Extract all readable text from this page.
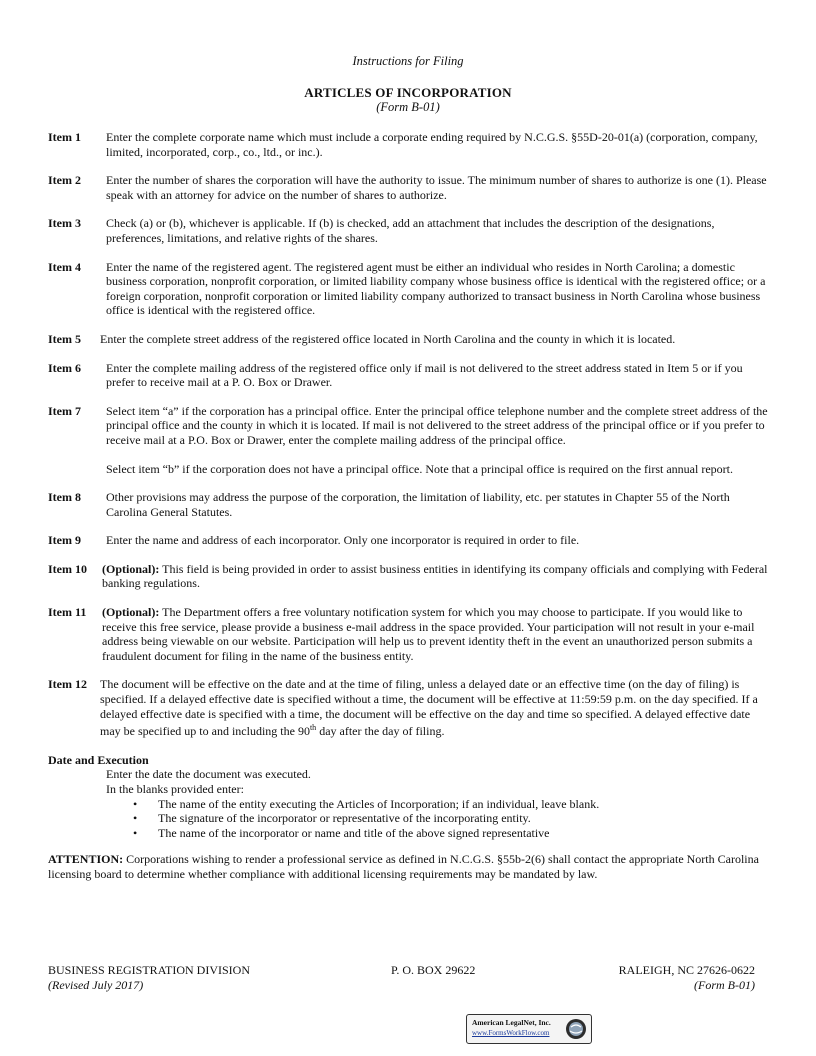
Instructions for Filing
ARTICLES OF INCORPORATION
(Form B-01)
Item 1	Enter the complete corporate name which must include a corporate ending required by N.C.G.S. §55D-20-01(a) (corporation, company, limited, incorporated, corp., co., ltd., or inc.).

Item 2	Enter the number of shares the corporation will have the authority to issue. The minimum number of shares to authorize is one (1). Please speak with an attorney for advice on the number of shares to authorize.

Item 3	Check (a) or (b), whichever is applicable. If (b) is checked, add an attachment that includes the description of the designations, preferences, limitations, and relative rights of the shares.

Item 4	Enter the name of the registered agent. The registered agent must be either an individual who resides in North Carolina; a domestic business corporation, nonprofit corporation, or limited liability company whose business office is identical with the registered office; or a foreign corporation, nonprofit corporation or limited liability company authorized to transact business in North Carolina whose business office is identical with the registered office.

Item 5	Enter the complete street address of the registered office located in North Carolina and the county in which it is located.

Item 6	Enter the complete mailing address of the registered office only if mail is not delivered to the street address stated in Item 5 or if you prefer to receive mail at a P. O. Box or Drawer.

Item 7	Select item “a” if the corporation has a principal office. Enter the principal office telephone number and the complete street address of the principal office and the county in which it is located. If mail is not delivered to the street address of the principal office or if you prefer to receive mail at a P.O. Box or Drawer, enter the complete mailing address of the principal office.

Select item “b” if the corporation does not have a principal office. Note that a principal office is required on the first annual report.

Item 8	Other provisions may address the purpose of the corporation, the limitation of liability, etc. per statutes in Chapter 55 of the North Carolina General Statutes.

Item 9	Enter the name and address of each incorporator. Only one incorporator is required in order to file.

Item 10	(Optional): This field is being provided in order to assist business entities in identifying its company officials and complying with Federal banking regulations.

Item 11	(Optional): The Department offers a free voluntary notification system for which you may choose to participate. If you would like to receive this free service, please provide a business e-mail address in the space provided. Your participation will not result in your e-mail address being viewable on our website. Participation will help us to prevent identity theft in the event an unauthorized person submits a fraudulent document for filing in the name of the business entity.

Item 12	The document will be effective on the date and at the time of filing, unless a delayed date or an effective time (on the day of filing) is specified. If a delayed effective date is specified without a time, the document will be effective at 11:59:59 p.m. on the day specified. If a delayed effective date is specified with a time, the document will be effective on the day and time so specified. A delayed effective date may be specified up to and including the 90th day after the day of filing.

Date and Execution

Enter the date the document was executed.

In the blanks provided enter:

• The name of the entity executing the Articles of Incorporation; if an individual, leave blank.
• The signature of the incorporator or representative of the incorporating entity.
• The name of the incorporator or name and title of the above signed representative

ATTENTION: Corporations wishing to render a professional service as defined in N.C.G.S. §55b-2(6) shall contact the appropriate North Carolina licensing board to determine whether compliance with additional licensing requirements may be mandated by law.

BUSINESS REGISTRATION DIVISION	RALEIGH, NC 27626-0622
P. O. BOX 29622
(Revised July 2017)	(Form B-01)
American LegalNet, Inc.
www.FormsWorkFlow.com
